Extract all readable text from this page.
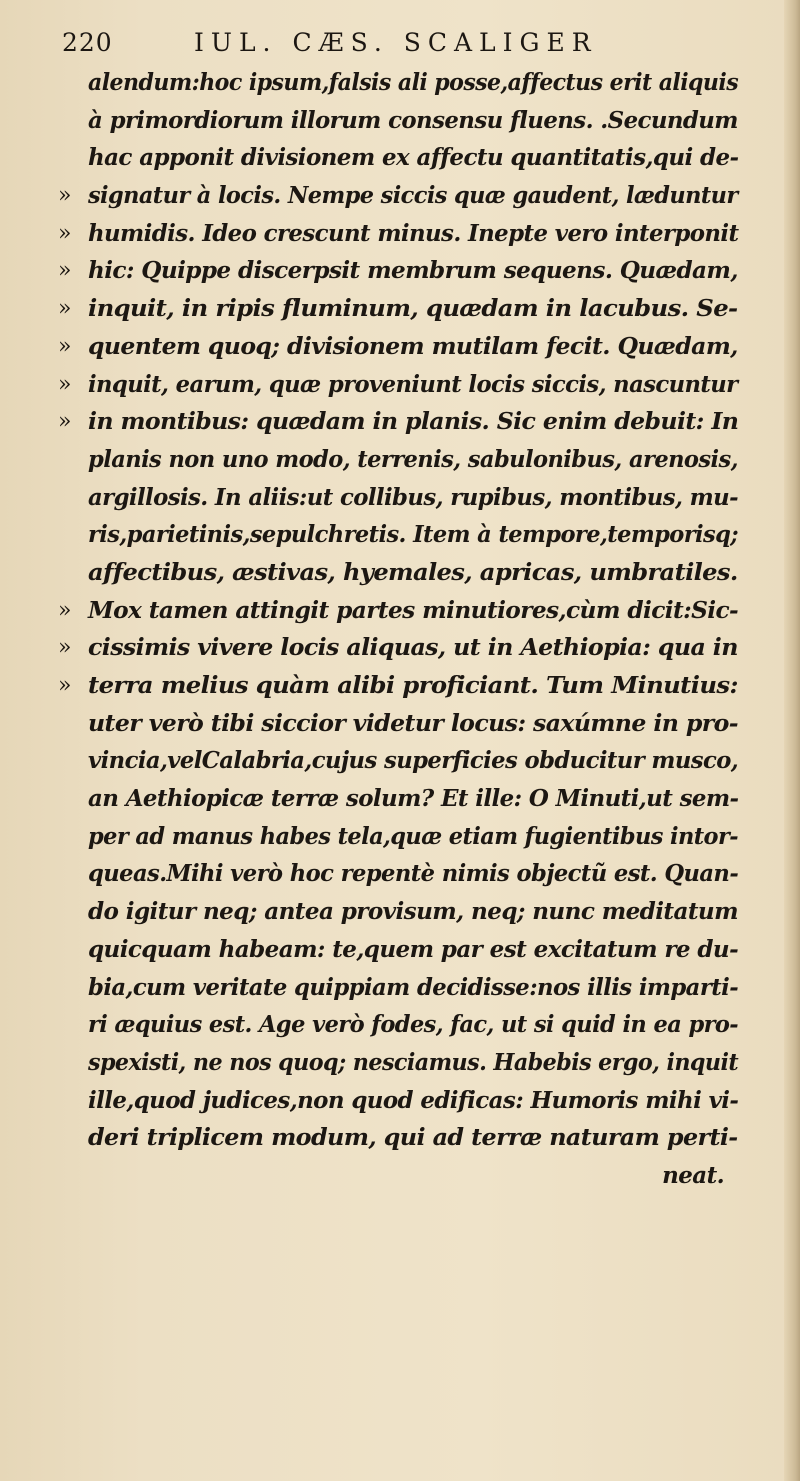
220	IUL. CÆS. SCALIGER
alendum:hoc ipsum,falsis ali posse,affectus erit aliquis
à primordiorum illorum consensu fluens. .Secundum
hac apponit divisionem ex affectu quantitatis,qui de-
» signatur à locis. Nempe siccis quæ gaudent, læduntur
» humidis. Ideo crescunt minus. Inepte vero interponit
» hic: Quippe discerpsit membrum sequens. Quædam,
» inquit, in ripis fluminum, quædam in lacubus. Se-
» quentem quoq; divisionem mutilam fecit. Quædam,
» inquit, earum, quæ proveniunt locis siccis, nascuntur
» in montibus: quædam in planis. Sic enim debuit: In
planis non uno modo, terrenis, sabulonibus, arenosis,
argillosis. In aliis:ut collibus, rupibus, montibus, mu-
ris,parietinis,sepulchretis. Item à tempore,temporisq;
affectibus, æstivas, hyemales, apricas, umbratiles.
» Mox tamen attingit partes minutiores,cùm dicit:Sic-
» cissimis vivere locis aliquas, ut in Aethiopia: qua in
» terra melius quàm alibi proficiant. Tum Minutius:
uter verò tibi siccior videtur locus: saxúmne in pro-
vincia,velCalabria,cujus superficies obducitur musco,
an Aethiopicæ terræ solum? Et ille: O Minuti,ut sem-
per ad manus habes tela,quæ etiam fugientibus intor-
queas.Mihi verò hoc repentè nimis objectũ est. Quan-
do igitur neq; antea provisum, neq; nunc meditatum
quicquam habeam: te,quem par est excitatum re du-
bia,cum veritate quippiam decidisse:nos illis imparti-
ri æquius est. Age verò fodes, fac, ut si quid in ea pro-
spexisti, ne nos quoq; nesciamus. Habebis ergo, inquit
ille,quod judices,non quod edificas: Humoris mihi vi-
deri triplicem modum, qui ad terræ naturam perti-
neat.
